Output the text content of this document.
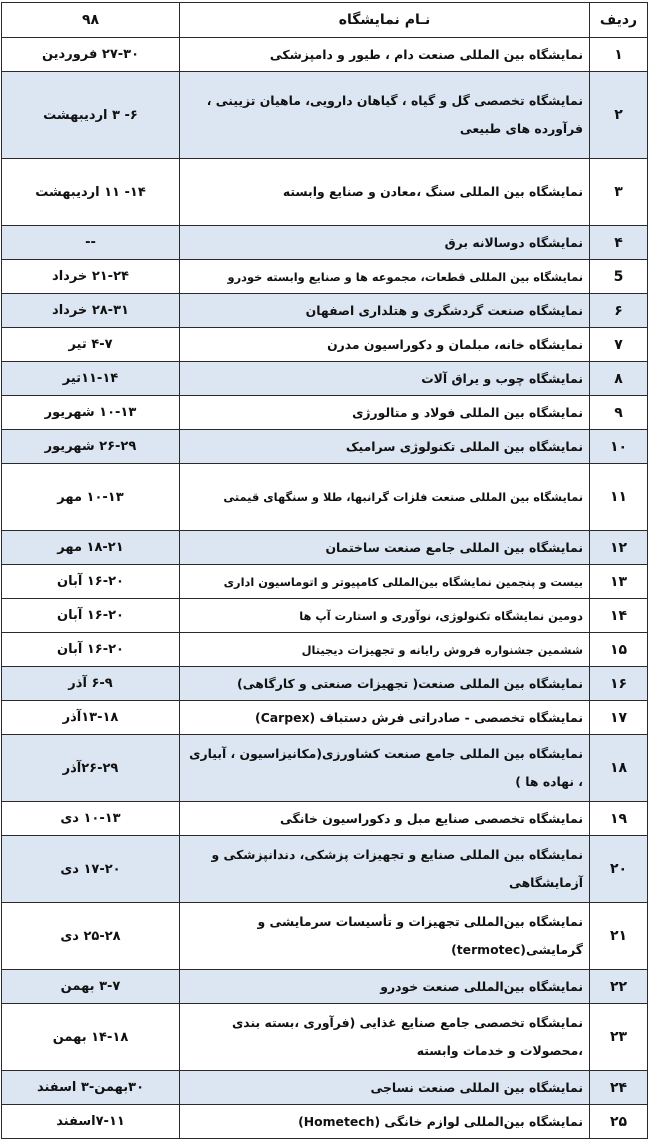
ردیف	نـام نمایشگاه	۹۸
۱	نمایشگاه بین المللی صنعت دام ، طیور و دامپزشکی	۲۷-۳۰ فروردین
۲	نمایشگاه تخصصی گل و گیاه ، گیاهان دارویی، ماهیان تزیینی ، فرآورده های طبیعی	۶- ۳ اردیبهشت
۳	نمایشگاه بین المللی سنگ ،معادن و صنایع وابسته	۱۴- ۱۱ اردیبهشت
۴	نمایشگاه دوسالانه برق	--
5	نمایشگاه بین المللی قطعات، مجموعه ها و صنایع وابسته خودرو	۲۱-۲۴ خرداد
۶	نمایشگاه صنعت گردشگری و هتلداری اصفهان	۲۸-۳۱ خرداد
۷	نمایشگاه خانه، مبلمان و دکوراسیون مدرن	۴-۷ تیر
۸	نمایشگاه چوب و یراق آلات	۱۱-۱۴تیر
۹	نمایشگاه بین المللی فولاد و متالورژی	۱۰-۱۳ شهریور
۱۰	نمایشگاه بین المللی تکنولوژی سرامیک	۲۶-۲۹ شهریور
۱۱	نمایشگاه بین المللی صنعت فلزات گرانبها، طلا و سنگهای قیمتی	۱۰-۱۳ مهر
۱۲	نمایشگاه بین المللی جامع صنعت ساختمان	۱۸-۲۱ مهر
۱۳	بیست و پنجمین نمایشگاه بین‌المللی کامپیوتر و اتوماسیون اداری	۱۶-۲۰ آبان
۱۴	دومین نمایشگاه تکنولوژی، نوآوری و استارت آپ ها	۱۶-۲۰ آبان
۱۵	ششمین جشنواره فروش رایانه و تجهیزات دیجیتال	۱۶-۲۰ آبان
۱۶	نمایشگاه بین المللی صنعت( تجهیزات صنعتی و کارگاهی)	۶-۹ آذر
۱۷	نمایشگاه تخصصی - صادراتی فرش دستباف (Carpex)	۱۳-۱۸آذر
۱۸	نمایشگاه بین المللی جامع صنعت کشاورزی(مکانیزاسیون ، آبیاری ، نهاده ها )	۲۶-۲۹آذر
۱۹	نمایشگاه تخصصی صنایع مبل و دکوراسیون خانگی	۱۰-۱۳ دی
۲۰	نمایشگاه بین المللی صنایع و تجهیزات پزشکی، دندانپزشکی و آزمایشگاهی	۱۷-۲۰ دی
۲۱	نمایشگاه بین‌المللی تجهیزات و تأسیسات سرمایشی و گرمایشی(termotec)	۲۵-۲۸ دی
۲۲	نمایشگاه بین‌المللی صنعت خودرو	۳-۷ بهمن
۲۳	نمایشگاه تخصصی جامع صنایع غذایی (فرآوری ،بسته بندی ،محصولات و خدمات وابسته	۱۴-۱۸ بهمن
۲۴	نمایشگاه بین المللی صنعت نساجی	۳۰بهمن-۳ اسفند
۲۵	نمایشگاه بین‌المللی لوازم خانگی (Hometech)	۷-۱۱اسفند
